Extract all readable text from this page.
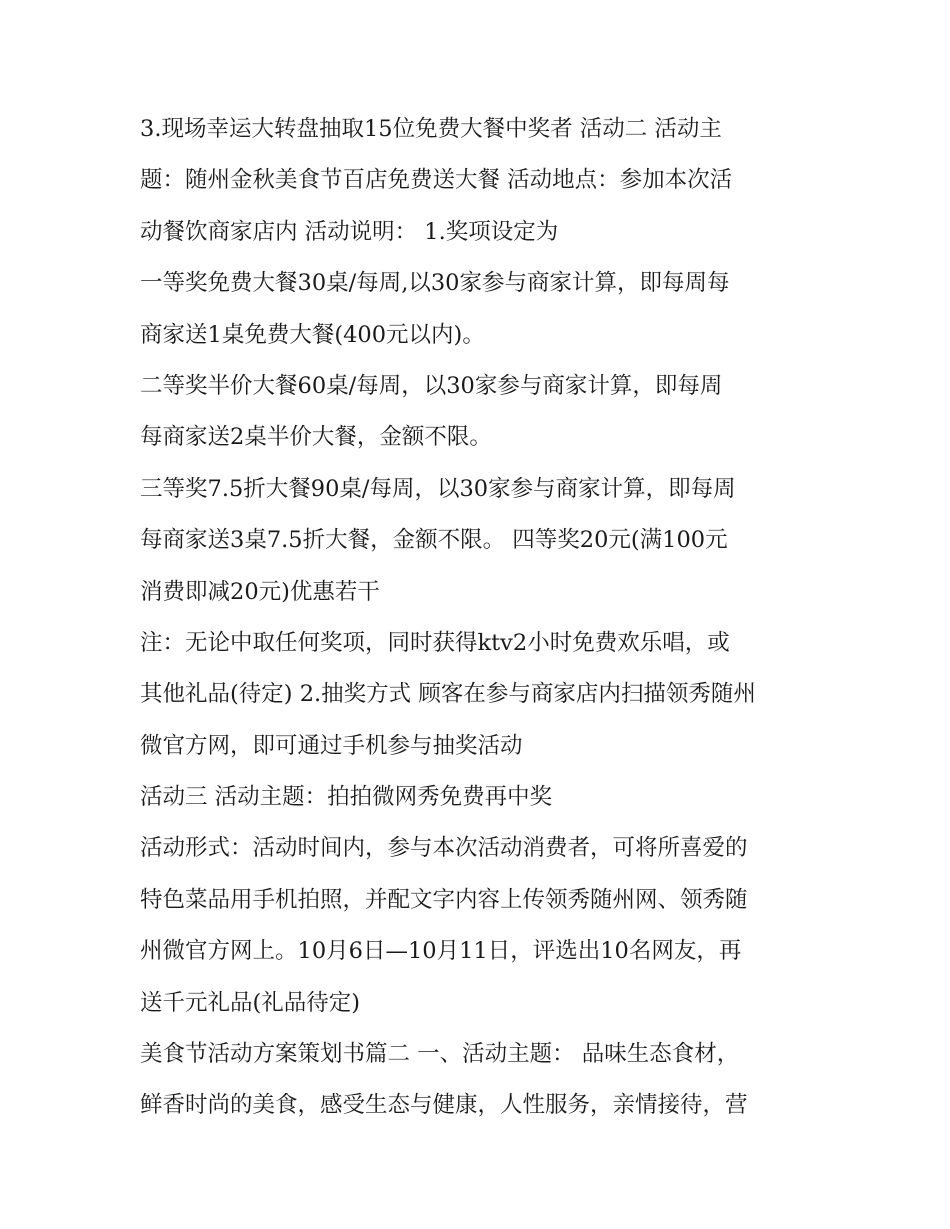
3.现场幸运大转盘抽取15位免费大餐中奖者 活动二 活动主
题：随州金秋美食节百店免费送大餐 活动地点：参加本次活
动餐饮商家店内 活动说明： 1.奖项设定为
一等奖免费大餐30桌/每周,以30家参与商家计算，即每周每
商家送1桌免费大餐(400元以内)。
二等奖半价大餐60桌/每周，以30家参与商家计算，即每周
每商家送2桌半价大餐，金额不限。
三等奖7.5折大餐90桌/每周，以30家参与商家计算，即每周
每商家送3桌7.5折大餐，金额不限。 四等奖20元(满100元
消费即减20元)优惠若干
注：无论中取任何奖项，同时获得ktv2小时免费欢乐唱，或
其他礼品(待定) 2.抽奖方式 顾客在参与商家店内扫描领秀随州
微官方网，即可通过手机参与抽奖活动
活动三 活动主题：拍拍微网秀免费再中奖
活动形式：活动时间内，参与本次活动消费者，可将所喜爱的
特色菜品用手机拍照，并配文字内容上传领秀随州网、领秀随
州微官方网上。10月6日—10月11日，评选出10名网友，再
送千元礼品(礼品待定)
美食节活动方案策划书篇二 一、活动主题： 品味生态食材，
鲜香时尚的美食，感受生态与健康，人性服务，亲情接待，营
